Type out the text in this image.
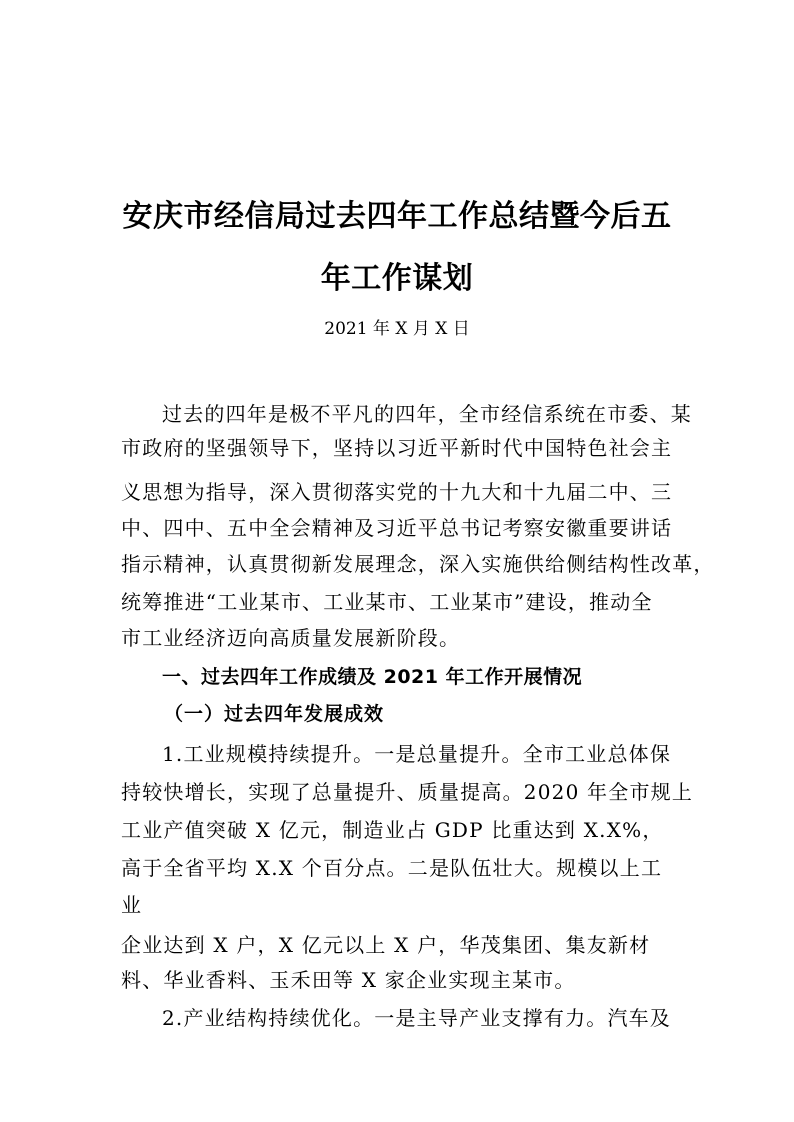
安庆市经信局过去四年工作总结暨今后五
年工作谋划
2021 年 X 月 X 日
过去的四年是极不平凡的四年，全市经信系统在市委、某
市政府的坚强领导下，坚持以习近平新时代中国特色社会主
义思想为指导，深入贯彻落实党的十九大和十九届二中、三
中、四中、五中全会精神及习近平总书记考察安徽重要讲话
指示精神，认真贯彻新发展理念，深入实施供给侧结构性改革，
统筹推进“工业某市、工业某市、工业某市”建设，推动全
市工业经济迈向高质量发展新阶段。
一、过去四年工作成绩及 2021 年工作开展情况
（一）过去四年发展成效
1.工业规模持续提升。一是总量提升。全市工业总体保
持较快增长，实现了总量提升、质量提高。2020 年全市规上
工业产值突破 X 亿元，制造业占 GDP 比重达到 X.X%，
高于全省平均 X.X 个百分点。二是队伍壮大。规模以上工
业
企业达到 X 户，X 亿元以上 X 户，华茂集团、集友新材
料、华业香料、玉禾田等 X 家企业实现主某市。
2.产业结构持续优化。一是主导产业支撑有力。汽车及
